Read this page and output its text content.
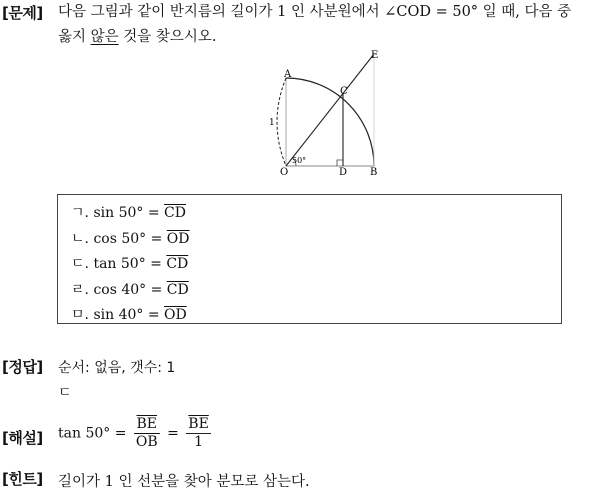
[문제] 다음 그림과 같이 반지름의 길이가 1 인 사분원에서 ∠COD = 50° 일 때, 다음 중
옳지 않은 것을 찾으시오.
A
C
E
O	D B
1
50°
ㄱ. $\sin 50^\circ = \overline{CD}$
ㄴ. $\cos 50^\circ = \overline{OD}$
ㄷ. $\tan 50^\circ = \overline{CD}$
ㄹ. $\cos 40^\circ = \overline{CD}$
ㅁ. $\sin 40^\circ = \overline{OD}$
[정답] 순서: 없음, 갯수: 1
ㄷ
[해설] $\tan 50^\circ = \frac{\overline{BE}}{OB} = \frac{\overline{BE}}{1}$
[힌트] 길이가 1 인 선분을 찾아 분모로 삼는다.
